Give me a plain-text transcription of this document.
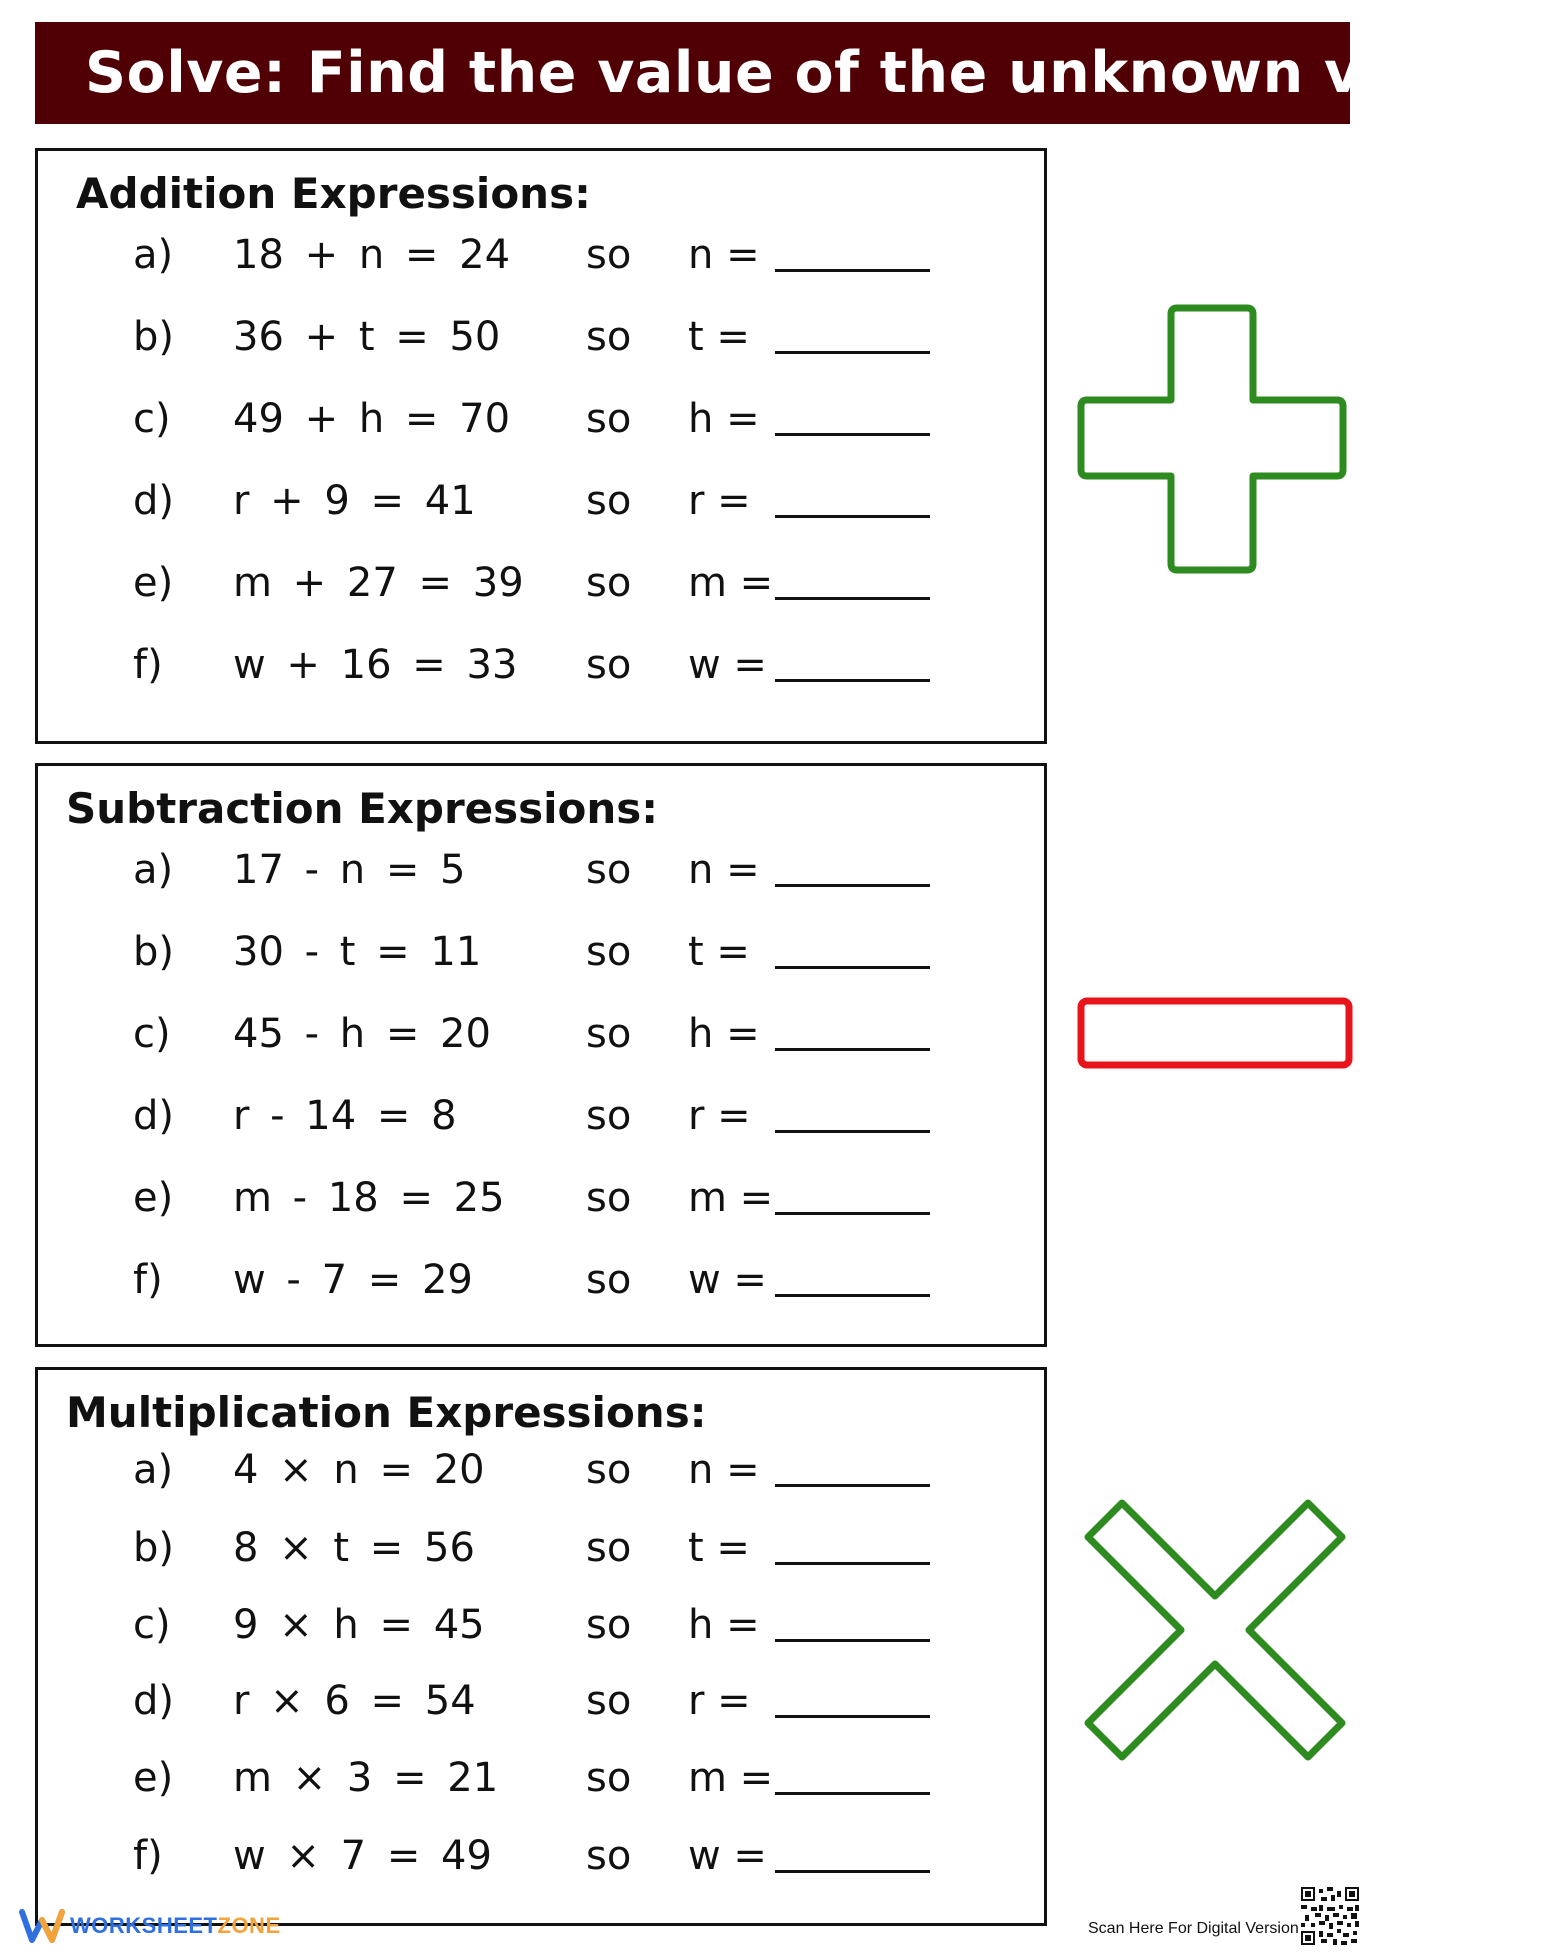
Solve: Find the value of the unknown variant
Addition Expressions:
a) 18 + n = 24 so n =
b) 36 + t = 50 so t =
c) 49 + h = 70 so h =
d) r + 9 = 41	so r =
e) m + 27 = 39 so m =
f) w + 16 = 33 so w =
Subtraction Expressions:
a) 17 - n = 5	so n =
b) 30 - t = 11	so t =
c) 45 - h = 20 so h =
d) r - 14 = 8	so r =
e) m - 18 = 25 so m =
f) w - 7 = 29	so w =
Multiplication Expressions:
a) 4 × n = 20	so n =
b) 8 × t = 56	so t =
c) 9 × h = 45	so h =
d) r × 6 = 54	so r =
e) m × 3 = 21 so m =
f) w × 7 = 49 so w =
WORKSHEETZONE	Scan Here For Digital Version
